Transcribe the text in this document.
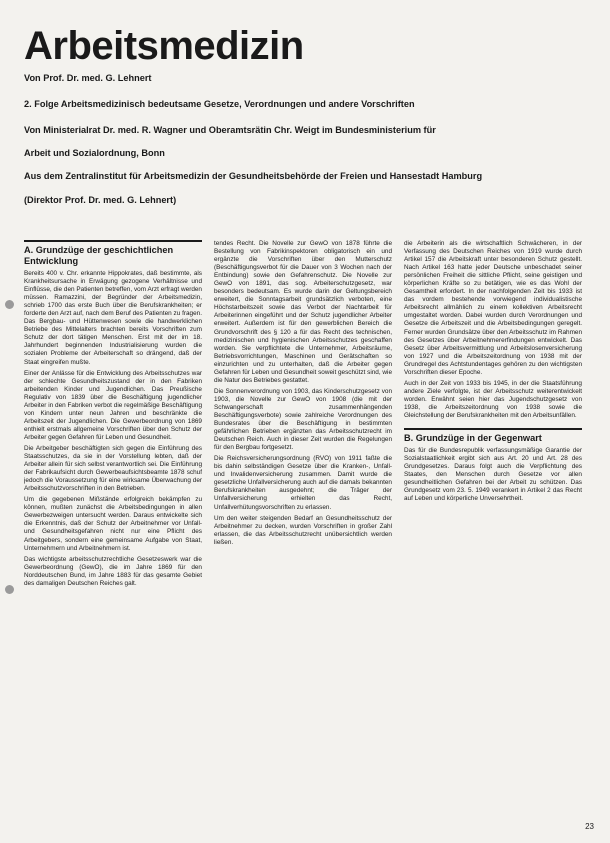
Arbeitsmedizin
Von Prof. Dr. med. G. Lehnert
2. Folge Arbeitsmedizinisch bedeutsame Gesetze, Verordnungen und andere Vorschriften
Von Ministerialrat Dr. med. R. Wagner und Oberamtsrätin Chr. Weigt im Bundesministerium für
Arbeit und Sozialordnung, Bonn
Aus dem Zentralinstitut für Arbeitsmedizin der Gesundheitsbehörde der Freien und Hansestadt Hamburg
(Direktor Prof. Dr. med. G. Lehnert)
A. Grundzüge der geschichtlichen Entwicklung

Bereits 400 v. Chr. erkannte Hippokrates, daß bestimmte, als Krankheitsursache in Erwägung gezogene Verhältnisse und Einflüsse, die den Patienten betreffen, vom Arzt erfragt werden müssen. Ramazzini, der Begründer der Arbeitsmedizin, schrieb 1700 das erste Buch über die Berufskrankheiten; er forderte den Arzt auf, nach dem Beruf des Patienten zu fragen. Das Bergbau- und Hüttenwesen sowie die handwerklichen Betriebe des Mittelalters brachten bereits Vorschriften zum Schutz der dort tätigen Menschen. Erst mit der im 18. Jahrhundert beginnenden Industrialisierung wurden die sozialen Probleme der Arbeiterschaft so drängend, daß der Staat eingreifen mußte.

Einer der Anlässe für die Entwicklung des Arbeitsschutzes war der schlechte Gesundheitszustand der in den Fabriken arbeitenden Kinder und Jugendlichen. Das Preußische Regulativ von 1839 über die Beschäftigung jugendlicher Arbeiter in den Fabriken verbot die regelmäßige Beschäftigung von Kindern unter neun Jahren und beschränkte die Arbeitszeit der Jugendlichen. Die Gewerbeordnung von 1869 enthielt erstmals allgemeine Vorschriften über den Schutz der Arbeiter gegen Gefahren für Leben und Gesundheit.

Die Arbeitgeber beschäftigten sich gegen die Einführung des Staatsschutzes, da sie in der Vorstellung lebten, daß der Arbeiter allein für sich selbst verantwortlich sei. Die Einführung der Fabrikaufsicht durch Gewerbeaufsichtsbeamte 1878 schuf jedoch die Voraussetzung für eine wirksame Überwachung der Arbeitsschutzvorschriften in den Betrieben.

Um die gegebenen Mißstände erfolgreich bekämpfen zu können, mußten zunächst die Arbeitsbedingungen in allen Gewerbezweigen untersucht werden. Daraus entwickelte sich die Erkenntnis, daß der Schutz der Arbeitnehmer vor Unfall- und Gesundheitsgefahren nicht nur eine Pflicht des Arbeitgebers, sondern eine gemeinsame Aufgabe von Staat, Unternehmern und Arbeitnehmern ist.

Das wichtigste arbeitsschutzrechtliche Gesetzeswerk war die Gewerbeordnung (GewO), die im Jahre 1869 für den Norddeutschen Bund, im Jahre 1883 für das gesamte Gebiet des damaligen Deutschen Reiches galt.

tendes Recht. Die Novelle zur GewO von 1878 führte die Bestellung von Fabrikinspektoren obligatorisch ein und ergänzte die Vorschriften über den Mutterschutz (Beschäftigungsverbot für die Dauer von 3 Wochen nach der Entbindung) sowie den Gefahrenschutz. Die Novelle zur GewO von 1891, das sog. Arbeiterschutzgesetz, war besonders bedeutsam. Es wurde darin der Geltungsbereich erweitert, die Sonntagsarbeit grundsätzlich verboten, eine Höchstarbeitszeit sowie das Verbot der Nachtarbeit für Arbeiterinnen eingeführt und der Schutz jugendlicher Arbeiter erweitert. Außerdem ist für den gewerblichen Bereich die Grundvorschrift des § 120 a für das Recht des technischen, medizinischen und hygienischen Arbeitsschutzes geschaffen worden. Sie verpflichtete die Unternehmer, Arbeitsräume, Betriebsvorrichtungen, Maschinen und Gerätschaften so einzurichten und zu unterhalten, daß die Arbeiter gegen Gefahren für Leben und Gesundheit soweit geschützt sind, wie die Natur des Betriebes gestattet.

Die Sonnenverordnung von 1903, das Kinderschutzgesetz von 1903, die Novelle zur GewO von 1908 (die mit der Schwangerschaft zusammenhängenden Beschäftigungsverbote) sowie zahlreiche Verordnungen des Bundesrates über die Beschäftigung in bestimmten gefährlichen Betrieben ergänzten das Arbeitsschutzrecht im Deutschen Reich. Auch in dieser Zeit wurden die Regelungen für den Bergbau fortgesetzt.

Die Reichsversicherungsordnung (RVO) von 1911 faßte die bis dahin selbständigen Gesetze über die Kranken-, Unfall- und Invalidenversicherung zusammen. Damit wurde die gesetzliche Unfallversicherung auch auf die damals bekannten Berufskrankheiten ausgedehnt; die Träger der Unfallversicherung erhielten das Recht, Unfallverhütungsvorschriften zu erlassen.

Um den weiter steigenden Bedarf an Gesundheitsschutz der Arbeitnehmer zu decken, wurden Vorschriften in großer Zahl erlassen, die das Arbeitsschutzrecht unübersichtlich werden ließen.

die Arbeiterin als die wirtschaftlich Schwächeren, in der Verfassung des Deutschen Reiches von 1919 wurde durch Artikel 157 die Arbeitskraft unter besonderen Schutz gestellt. Nach Artikel 163 hatte jeder Deutsche unbeschadet seiner persönlichen Freiheit die sittliche Pflicht, seine geistigen und körperlichen Kräfte so zu betätigen, wie es das Wohl der Gesamtheit erfordert. In der nachfolgenden Zeit bis 1933 ist das vordem bestehende vorwiegend individualistische Arbeitsrecht allmählich zu einem kollektiven Arbeitsrecht umgestaltet worden. Dabei wurden durch Verordnungen und Gesetze die Arbeitszeit und die Arbeitsbedingungen geregelt. Ferner wurden Grundsätze über den Arbeitsschutz im Rahmen des Gesetzes über Arbeitnehmererfindungen entwickelt. Das Gesetz über Arbeitsvermittlung und Arbeitslosenversicherung von 1927 und die Arbeitszeitordnung von 1938 mit der Grundregel des Achtstundentages gehören zu den wichtigsten Vorschriften dieser Epoche.

Auch in der Zeit von 1933 bis 1945, in der die Staatsführung andere Ziele verfolgte, ist der Arbeitsschutz weiterentwickelt worden. Erwähnt seien hier das Jugendschutzgesetz von 1938, die Arbeitszeitordnung von 1938 sowie die Gleichstellung der Berufskrankheiten mit den Arbeitsunfällen.

B. Grundzüge in der Gegenwart

Das für die Bundesrepublik verfassungsmäßige Garantie der Sozialstaatlichkeit ergibt sich aus Art. 20 und Art. 28 des Grundgesetzes. Daraus folgt auch die Verpflichtung des Staates, den Menschen durch Gesetze vor allen gesundheitlichen Gefahren bei der Arbeit zu schützen. Das Grundgesetz vom 23. 5. 1949 verankert in Artikel 2 das Recht auf Leben und körperliche Unversehrtheit.

23
